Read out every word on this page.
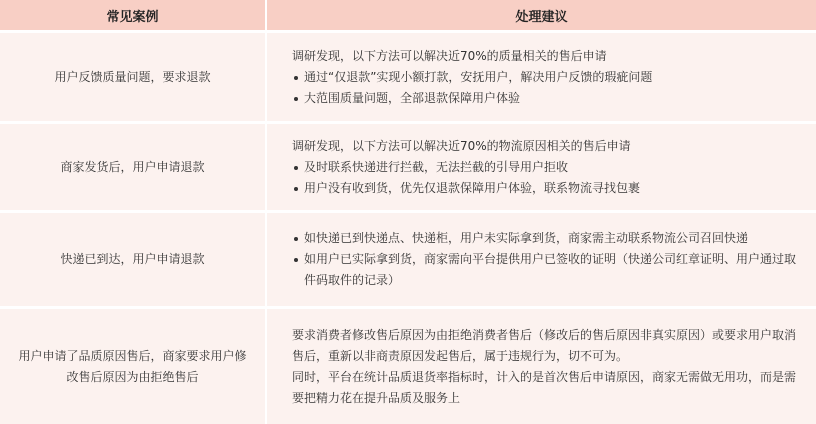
常见案例	处理建议
用户反馈质量问题，要求退款
调研发现，以下方法可以解决近70%的质量相关的售后申请
通过“仅退款”实现小额打款，安抚用户，解决用户反馈的瑕疵问题
大范围质量问题，全部退款保障用户体验
商家发货后，用户申请退款
调研发现，以下方法可以解决近70%的物流原因相关的售后申请
及时联系快递进行拦截，无法拦截的引导用户拒收
用户没有收到货，优先仅退款保障用户体验，联系物流寻找包裹
快递已到达，用户申请退款
如快递已到快递点、快递柜，用户未实际拿到货，商家需主动联系物流公司召回快递
如用户已实际拿到货，商家需向平台提供用户已签收的证明（快递公司红章证明、用户通过取件码取件的记录）
用户申请了品质原因售后，商家要求用户修改售后原因为由拒绝售后
要求消费者修改售后原因为由拒绝消费者售后（修改后的售后原因非真实原因）或要求用户取消售后，重新以非商责原因发起售后，属于违规行为，切不可为。
同时，平台在统计品质退货率指标时，计入的是首次售后申请原因，商家无需做无用功，而是需要把精力花在提升品质及服务上
